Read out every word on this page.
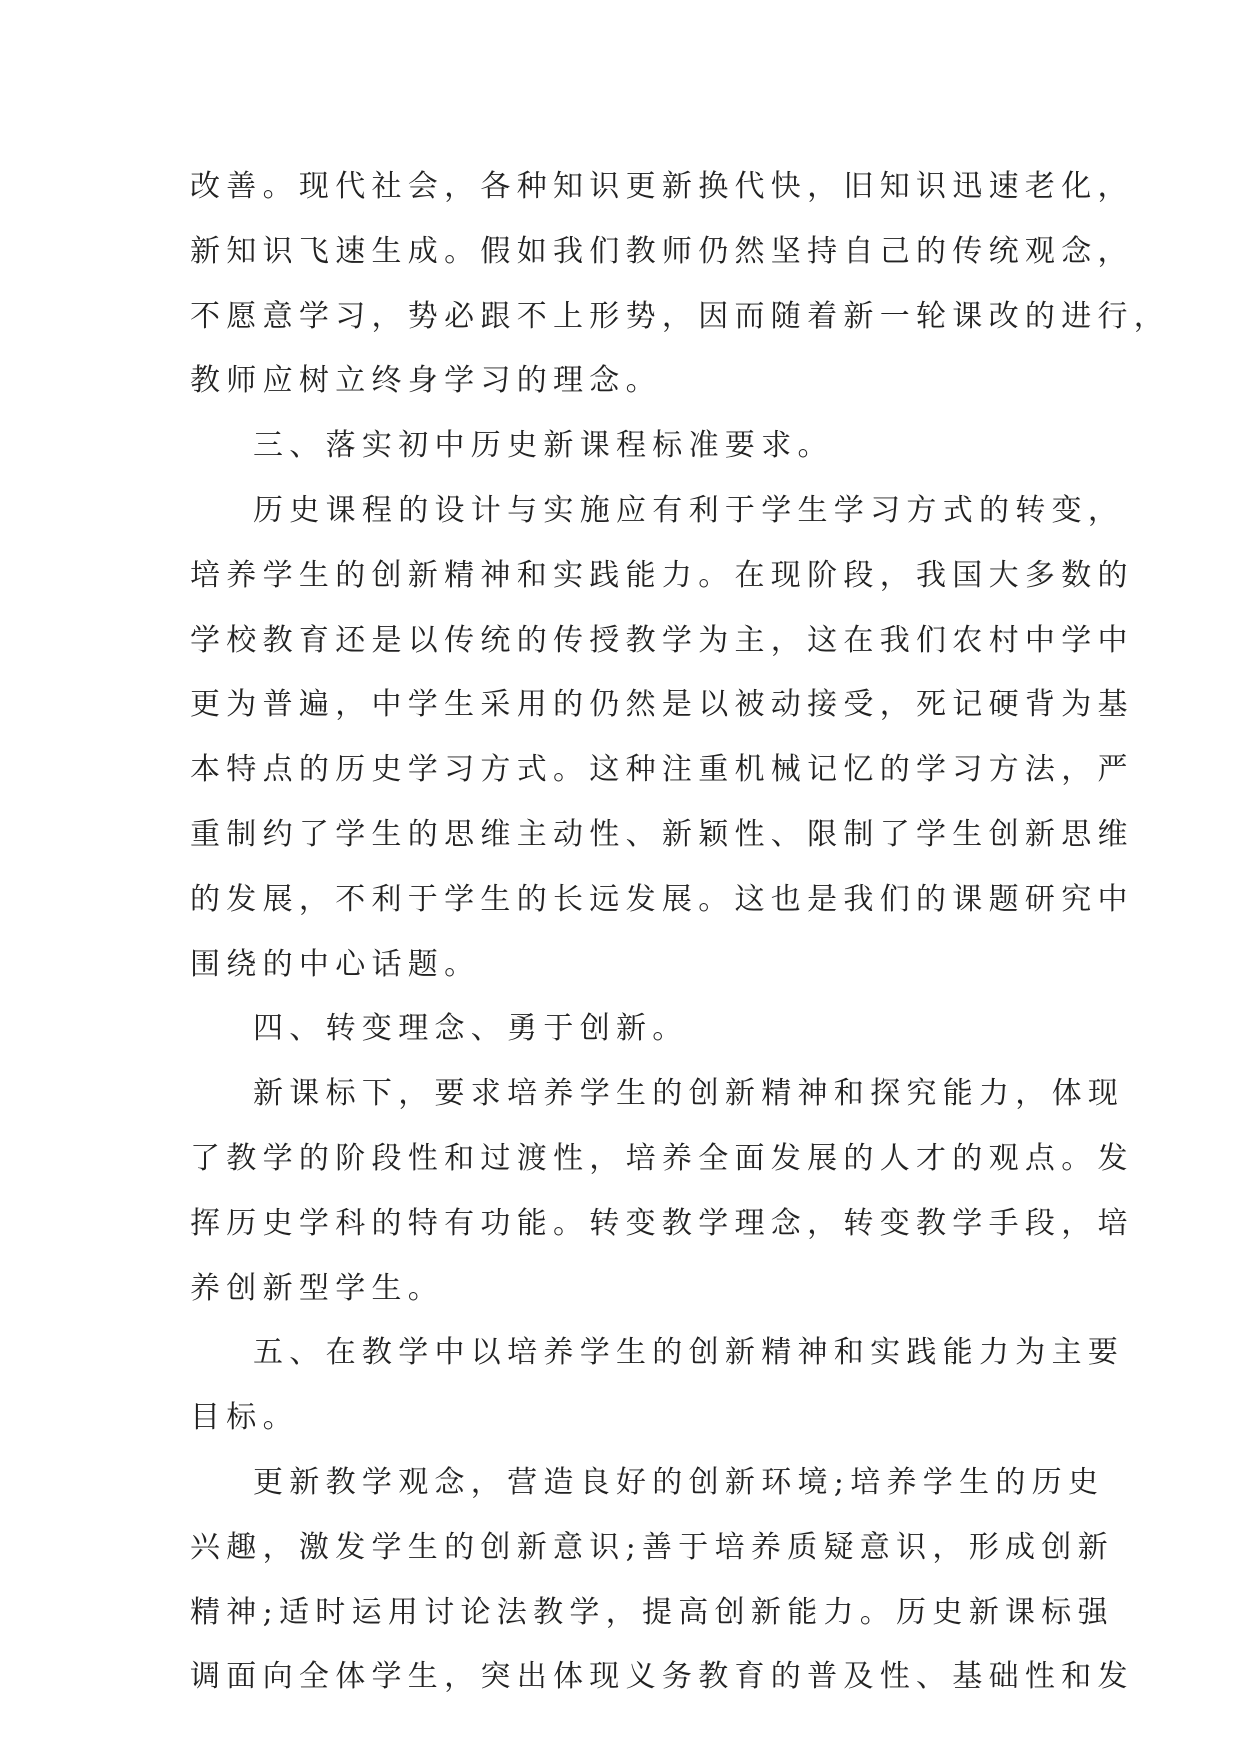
改善。现代社会，各种知识更新换代快，旧知识迅速老化，
新知识飞速生成。假如我们教师仍然坚持自己的传统观念，
不愿意学习，势必跟不上形势，因而随着新一轮课改的进行，
教师应树立终身学习的理念。
三、落实初中历史新课程标准要求。
历史课程的设计与实施应有利于学生学习方式的转变，
培养学生的创新精神和实践能力。在现阶段，我国大多数的
学校教育还是以传统的传授教学为主，这在我们农村中学中
更为普遍，中学生采用的仍然是以被动接受，死记硬背为基
本特点的历史学习方式。这种注重机械记忆的学习方法，严
重制约了学生的思维主动性、新颖性、限制了学生创新思维
的发展，不利于学生的长远发展。这也是我们的课题研究中
围绕的中心话题。
四、转变理念、勇于创新。
新课标下，要求培养学生的创新精神和探究能力，体现
了教学的阶段性和过渡性，培养全面发展的人才的观点。发
挥历史学科的特有功能。转变教学理念，转变教学手段，培
养创新型学生。
五、在教学中以培养学生的创新精神和实践能力为主要
目标。
更新教学观念，营造良好的创新环境;培养学生的历史
兴趣，激发学生的创新意识;善于培养质疑意识，形成创新
精神;适时运用讨论法教学，提高创新能力。历史新课标强
调面向全体学生，突出体现义务教育的普及性、基础性和发
